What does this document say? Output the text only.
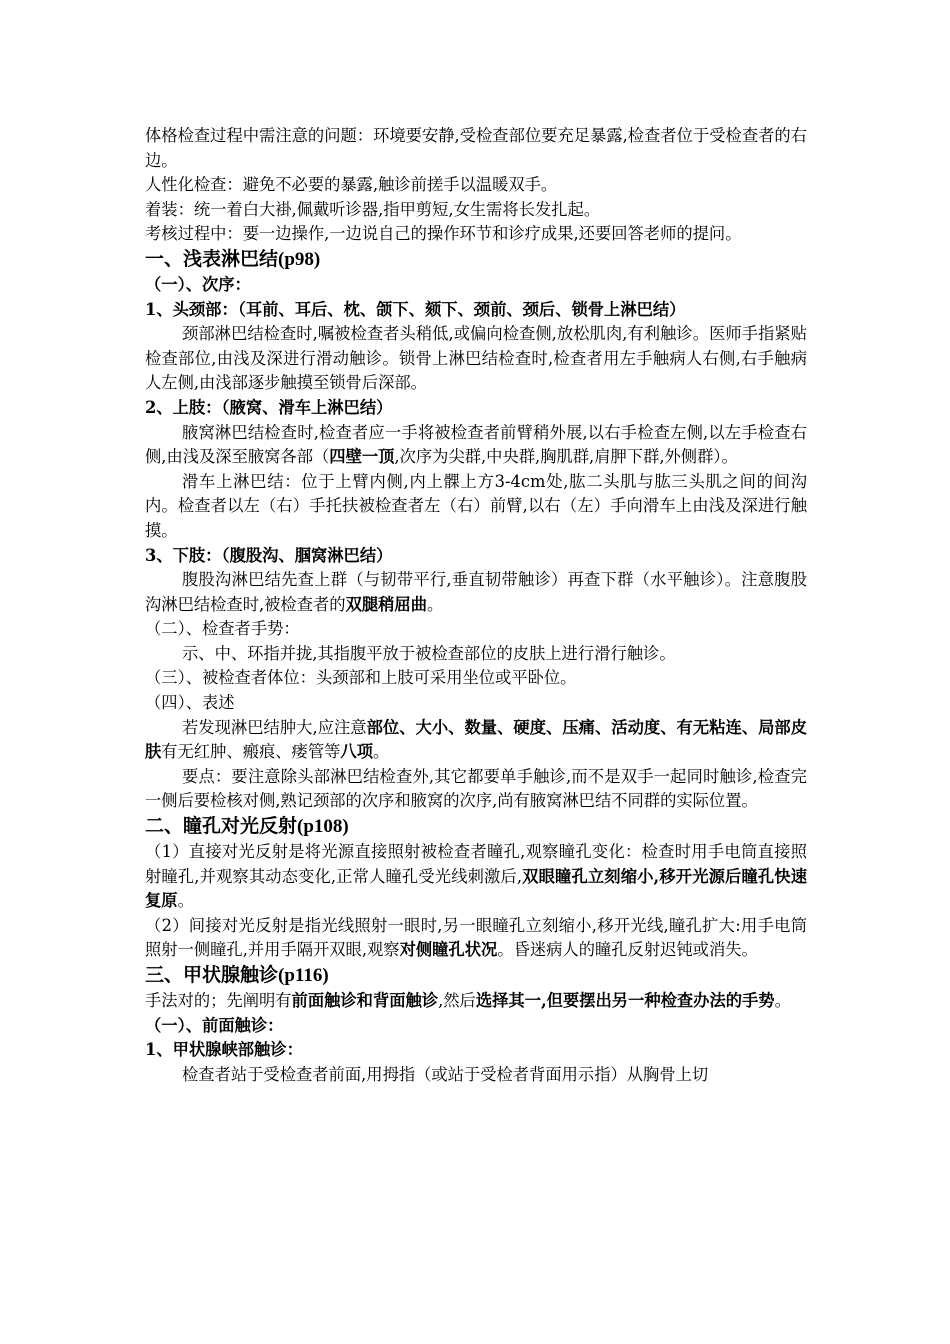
体格检查过程中需注意的问题：环境要安静,受检查部位要充足暴露,检查者位于受检查者的右边。

人性化检查：避免不必要的暴露,触诊前搓手以温暖双手。

着装：统一着白大褂,佩戴听诊器,指甲剪短,女生需将长发扎起。

考核过程中：要一边操作,一边说自己的操作环节和诊疗成果,还要回答老师的提问。

一、浅表淋巴结(p98)
（一）、次序：
1、头颈部：（耳前、耳后、枕、颌下、颏下、颈前、颈后、锁骨上淋巴结）

颈部淋巴结检查时,嘱被检查者头稍低,或偏向检查侧,放松肌肉,有利触诊。医师手指紧贴检查部位,由浅及深进行滑动触诊。锁骨上淋巴结检查时,检查者用左手触病人右侧,右手触病人左侧,由浅部逐步触摸至锁骨后深部。

2、上肢：（腋窝、滑车上淋巴结）

腋窝淋巴结检查时,检查者应一手将被检查者前臂稍外展,以右手检查左侧,以左手检查右侧,由浅及深至腋窝各部（四壁一顶,次序为尖群,中央群,胸肌群,肩胛下群,外侧群）。

滑车上淋巴结：位于上臂内侧,内上髁上方3-4cm处,肱二头肌与肱三头肌之间的间沟内。检查者以左（右）手托扶被检查者左（右）前臂,以右（左）手向滑车上由浅及深进行触摸。

3、下肢：（腹股沟、腘窝淋巴结）

腹股沟淋巴结先查上群（与韧带平行,垂直韧带触诊）再查下群（水平触诊）。注意腹股沟淋巴结检查时,被检查者的双腿稍屈曲。

（二）、检查者手势：

示、中、环指并拢,其指腹平放于被检查部位的皮肤上进行滑行触诊。

（三）、被检查者体位：头颈部和上肢可采用坐位或平卧位。

（四）、表述

若发现淋巴结肿大,应注意部位、大小、数量、硬度、压痛、活动度、有无粘连、局部皮肤有无红肿、瘢痕、瘘管等八项。

要点：要注意除头部淋巴结检查外,其它都要单手触诊,而不是双手一起同时触诊,检查完一侧后要检核对侧,熟记颈部的次序和腋窝的次序,尚有腋窝淋巴结不同群的实际位置。

二、瞳孔对光反射(p108)

（1）直接对光反射是将光源直接照射被检查者瞳孔,观察瞳孔变化：检查时用手电筒直接照射瞳孔,并观察其动态变化,正常人瞳孔受光线刺激后,双眼瞳孔立刻缩小,移开光源后瞳孔快速复原。

（2）间接对光反射是指光线照射一眼时,另一眼瞳孔立刻缩小,移开光线,瞳孔扩大:用手电筒照射一侧瞳孔,并用手隔开双眼,观察对侧瞳孔状况。昏迷病人的瞳孔反射迟钝或消失。

三、甲状腺触诊(p116)

手法对的；先阐明有前面触诊和背面触诊,然后选择其一,但要摆出另一种检查办法的手势。

（一）、前面触诊：
1、甲状腺峡部触诊：

检查者站于受检查者前面,用拇指（或站于受检者背面用示指）从胸骨上切
